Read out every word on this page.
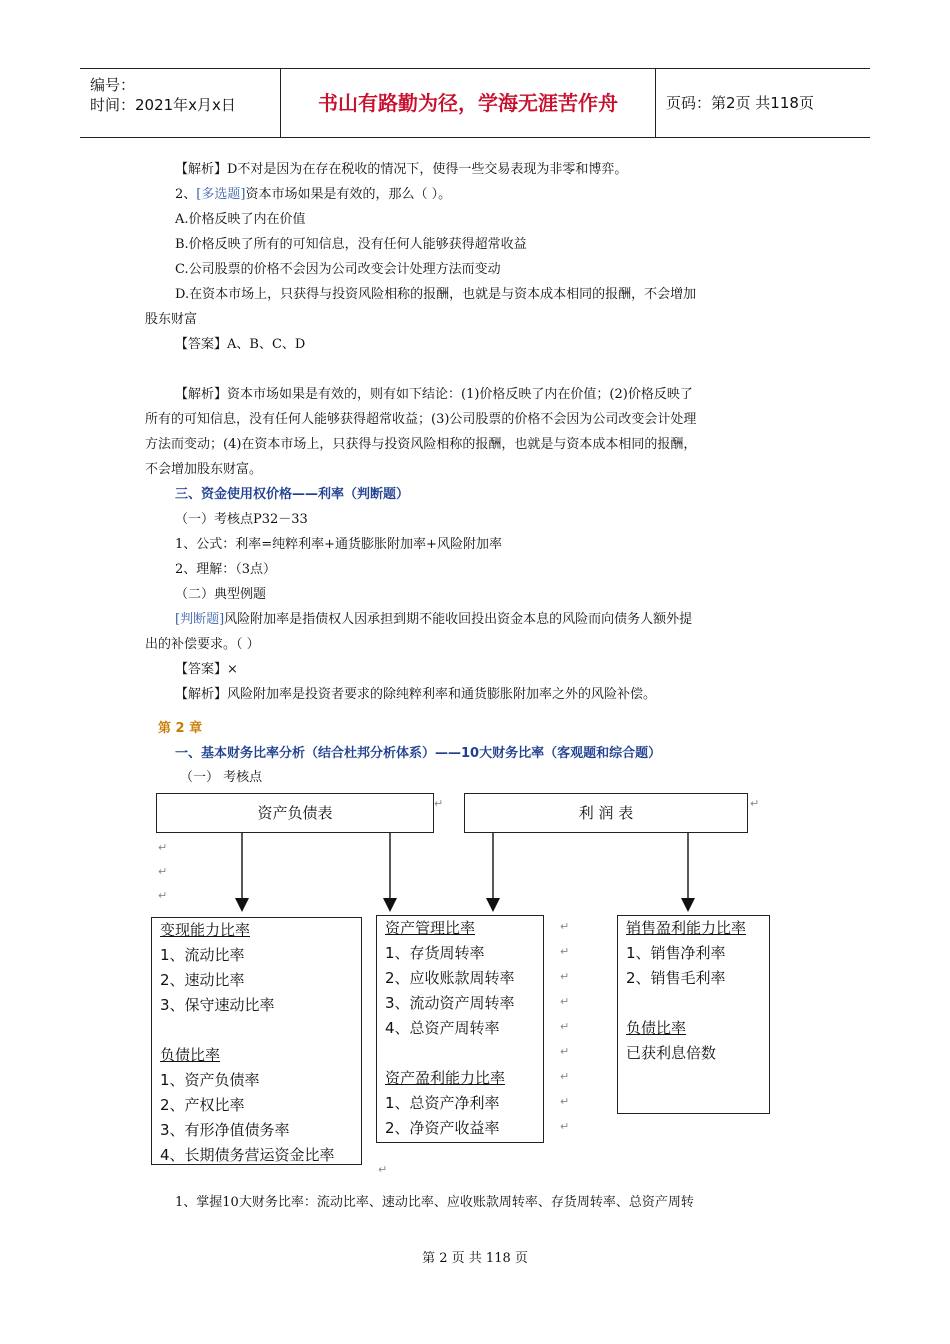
编号：
时间：2021年x月x日	书山有路勤为径，学海无涯苦作舟	页码：第2页 共118页
【解析】D不对是因为在存在税收的情况下，使得一些交易表现为非零和博弈。
2、[多选题]资本市场如果是有效的，那么（ ）。
A.价格反映了内在价值
B.价格反映了所有的可知信息，没有任何人能够获得超常收益
C.公司股票的价格不会因为公司改变会计处理方法而变动
D.在资本市场上，只获得与投资风险相称的报酬，也就是与资本成本相同的报酬，不会增加
股东财富
【答案】A、B、C、D
【解析】资本市场如果是有效的，则有如下结论：(1)价格反映了内在价值；(2)价格反映了
所有的可知信息，没有任何人能够获得超常收益；(3)公司股票的价格不会因为公司改变会计处理
方法而变动；(4)在资本市场上，只获得与投资风险相称的报酬，也就是与资本成本相同的报酬，
不会增加股东财富。
三、资金使用权价格——利率（判断题）
（一）考核点P32－33
1、公式：利率=纯粹利率+通货膨胀附加率+风险附加率
2、理解：（3点）
（二）典型例题
[判断题]风险附加率是指债权人因承担到期不能收回投出资金本息的风险而向债务人额外提
出的补偿要求。（ ）
【答案】×
【解析】风险附加率是投资者要求的除纯粹利率和通货膨胀附加率之外的风险补偿。
第 2 章
一、基本财务比率分析（结合杜邦分析体系）——10大财务比率（客观题和综合题）
（一） 考核点
资产负债表
↵
利 润 表
↵
↵
↵
↵
变现能力比率
1、流动比率
2、速动比率
3、保守速动比率
负债比率
1、资产负债率
2、产权比率
3、有形净值债务率
4、长期债务营运资金比率
资产管理比率
1、存货周转率
2、应收账款周转率
3、流动资产周转率
4、总资产周转率
资产盈利能力比率
1、总资产净利率
2、净资产收益率
销售盈利能力比率
1、销售净利率
2、销售毛利率
负债比率
已获利息倍数
↵
↵
↵
↵
↵
↵
↵
↵
↵
↵
1、掌握10大财务比率：流动比率、速动比率、应收账款周转率、存货周转率、总资产周转
第 2 页 共 118 页
